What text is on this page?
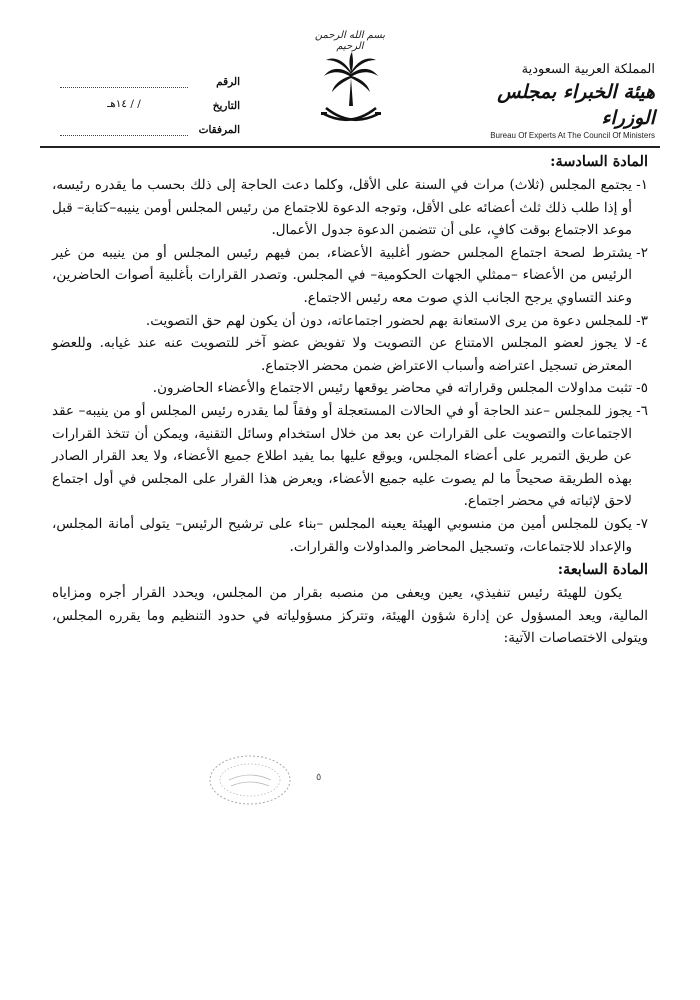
بسم الله الرحمن الرحيم
المملكة العربية السعودية
هيئة الخبراء بمجلس الوزراء
Bureau Of Experts At The Council Of Ministers
الرقم
التاريخ
/ / ١٤هـ
المرفقات

المادة السادسة:

١-
يجتمع المجلس (ثلاث) مرات في السنة على الأقل، وكلما دعت الحاجة إلى ذلك بحسب ما يقدره رئيسه، أو إذا طلب ذلك ثلث أعضائه على الأقل، وتوجه الدعوة للاجتماع من رئيس المجلس أومن ينيبه–كتابة– قبل موعد الاجتماع بوقت كافٍ، على أن تتضمن الدعوة جدول الأعمال.
٢-
يشترط لصحة اجتماع المجلس حضور أغلبية الأعضاء، بمن فيهم رئيس المجلس أو من ينيبه من غير الرئيس من الأعضاء –ممثلي الجهات الحكومية– في المجلس. وتصدر القرارات بأغلبية أصوات الحاضرين، وعند التساوي يرجح الجانب الذي صوت معه رئيس الاجتماع.
٣-
للمجلس دعوة من يرى الاستعانة بهم لحضور اجتماعاته، دون أن يكون لهم حق التصويت.
٤-
لا يجوز لعضو المجلس الامتناع عن التصويت ولا تفويض عضو آخر للتصويت عنه عند غيابه. وللعضو المعترض تسجيل اعتراضه وأسباب الاعتراض ضمن محضر الاجتماع.
٥-
تثبت مداولات المجلس وقراراته في محاضر يوقعها رئيس الاجتماع والأعضاء الحاضرون.
٦-
يجوز للمجلس –عند الحاجة أو في الحالات المستعجلة أو وفقاً لما يقدره رئيس المجلس أو من ينيبه– عقد الاجتماعات والتصويت على القرارات عن بعد من خلال استخدام وسائل التقنية، ويمكن أن تتخذ القرارات عن طريق التمرير على أعضاء المجلس، ويوقع عليها بما يفيد اطلاع جميع الأعضاء، ولا يعد القرار الصادر بهذه الطريقة صحيحاً ما لم يصوت عليه جميع الأعضاء، ويعرض هذا القرار على المجلس في أول اجتماع لاحق لإثباته في محضر اجتماع.
٧-
يكون للمجلس أمين من منسوبي الهيئة يعينه المجلس –بناء على ترشيح الرئيس– يتولى أمانة المجلس، والإعداد للاجتماعات، وتسجيل المحاضر والمداولات والقرارات.

المادة السابعة:

يكون للهيئة رئيس تنفيذي، يعين ويعفى من منصبه بقرار من المجلس، ويحدد القرار أجره ومزاياه المالية، ويعد المسؤول عن إدارة شؤون الهيئة، وتتركز مسؤولياته في حدود التنظيم وما يقرره المجلس، ويتولى الاختصاصات الآتية:

٥
